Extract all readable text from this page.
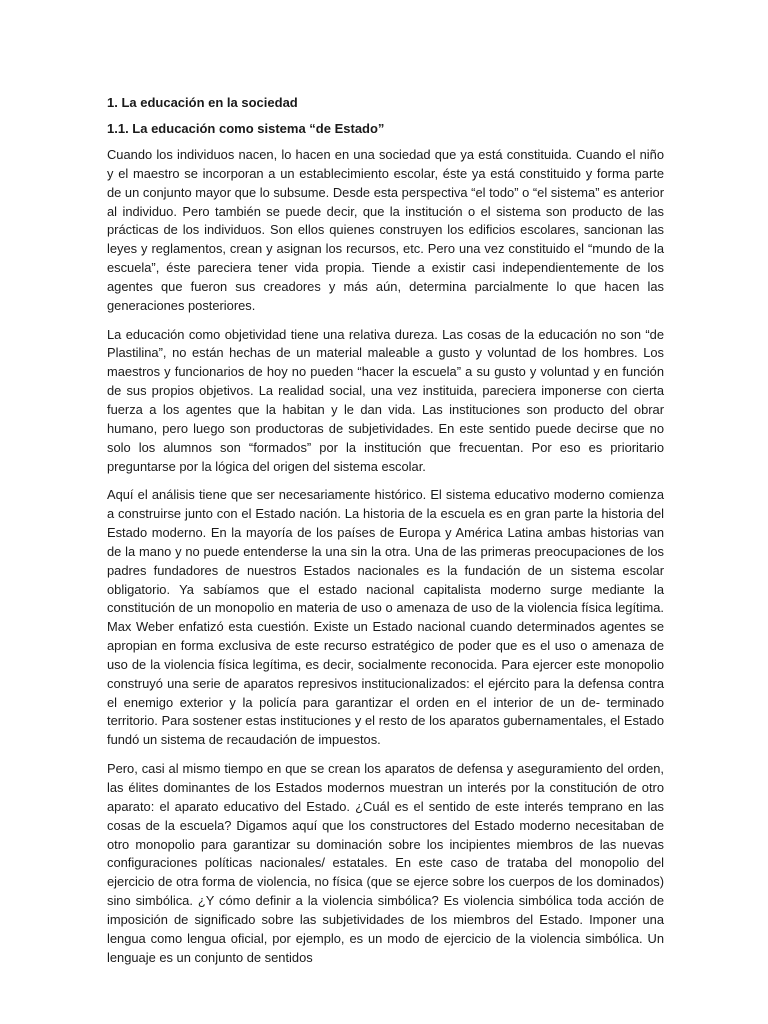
1. La educación en la sociedad
1.1. La educación como sistema “de Estado”

Cuando los individuos nacen, lo hacen en una sociedad que ya está constituida. Cuando el niño y el maestro se incorporan a un establecimiento escolar, éste ya está constituido y forma parte de un conjunto mayor que lo subsume. Desde esta perspectiva “el todo” o “el sistema” es anterior al individuo. Pero también se puede decir, que la institución o el sistema son producto de las prácticas de los individuos. Son ellos quienes construyen los edificios escolares, sancionan las leyes y reglamentos, crean y asignan los recursos, etc. Pero una vez constituido el “mundo de la escuela”, éste pareciera tener vida propia. Tiende a existir casi independientemente de los agentes que fueron sus creadores y más aún, determina parcialmente lo que hacen las generaciones posteriores.

La educación como objetividad tiene una relativa dureza. Las cosas de la educación no son “de Plastilina”, no están hechas de un material maleable a gusto y voluntad de los hombres. Los maestros y funcionarios de hoy no pueden “hacer la escuela” a su gusto y voluntad y en función de sus propios objetivos. La realidad social, una vez instituida, pareciera imponerse con cierta fuerza a los agentes que la habitan y le dan vida. Las instituciones son producto del obrar humano, pero luego son productoras de subjetividades. En este sentido puede decirse que no solo los alumnos son “formados” por la institución que frecuentan. Por eso es prioritario preguntarse por la lógica del origen del sistema escolar.

Aquí el análisis tiene que ser necesariamente histórico. El sistema educativo moderno comienza a construirse junto con el Estado nación. La historia de la escuela es en gran parte la historia del Estado moderno. En la mayoría de los países de Europa y América Latina ambas historias van de la mano y no puede entenderse la una sin la otra. Una de las primeras preocupaciones de los padres fundadores de nuestros Estados nacionales es la fundación de un sistema escolar obligatorio. Ya sabíamos que el estado nacional capitalista moderno surge mediante la constitución de un monopolio en materia de uso o amenaza de uso de la violencia física legítima. Max Weber enfatizó esta cuestión. Existe un Estado nacional cuando determinados agentes se apropian en forma exclusiva de este recurso estratégico de poder que es el uso o amenaza de uso de la violencia física legítima, es decir, socialmente reconocida. Para ejercer este monopolio construyó una serie de aparatos represivos institucionalizados: el ejército para la defensa contra el enemigo exterior y la policía para garantizar el orden en el interior de un de- terminado territorio. Para sostener estas instituciones y el resto de los aparatos gubernamentales, el Estado fundó un sistema de recaudación de impuestos.

Pero, casi al mismo tiempo en que se crean los aparatos de defensa y aseguramiento del orden, las élites dominantes de los Estados modernos muestran un interés por la constitución de otro aparato: el aparato educativo del Estado. ¿Cuál es el sentido de este interés temprano en las cosas de la escuela? Digamos aquí que los constructores del Estado moderno necesitaban de otro monopolio para garantizar su dominación sobre los incipientes miembros de las nuevas configuraciones políticas nacionales/ estatales. En este caso de trataba del monopolio del ejercicio de otra forma de violencia, no física (que se ejerce sobre los cuerpos de los dominados) sino simbólica. ¿Y cómo definir a la violencia simbólica? Es violencia simbólica toda acción de imposición de significado sobre las subjetividades de los miembros del Estado. Imponer una lengua como lengua oficial, por ejemplo, es un modo de ejercicio de la violencia simbólica. Un lenguaje es un conjunto de sentidos
